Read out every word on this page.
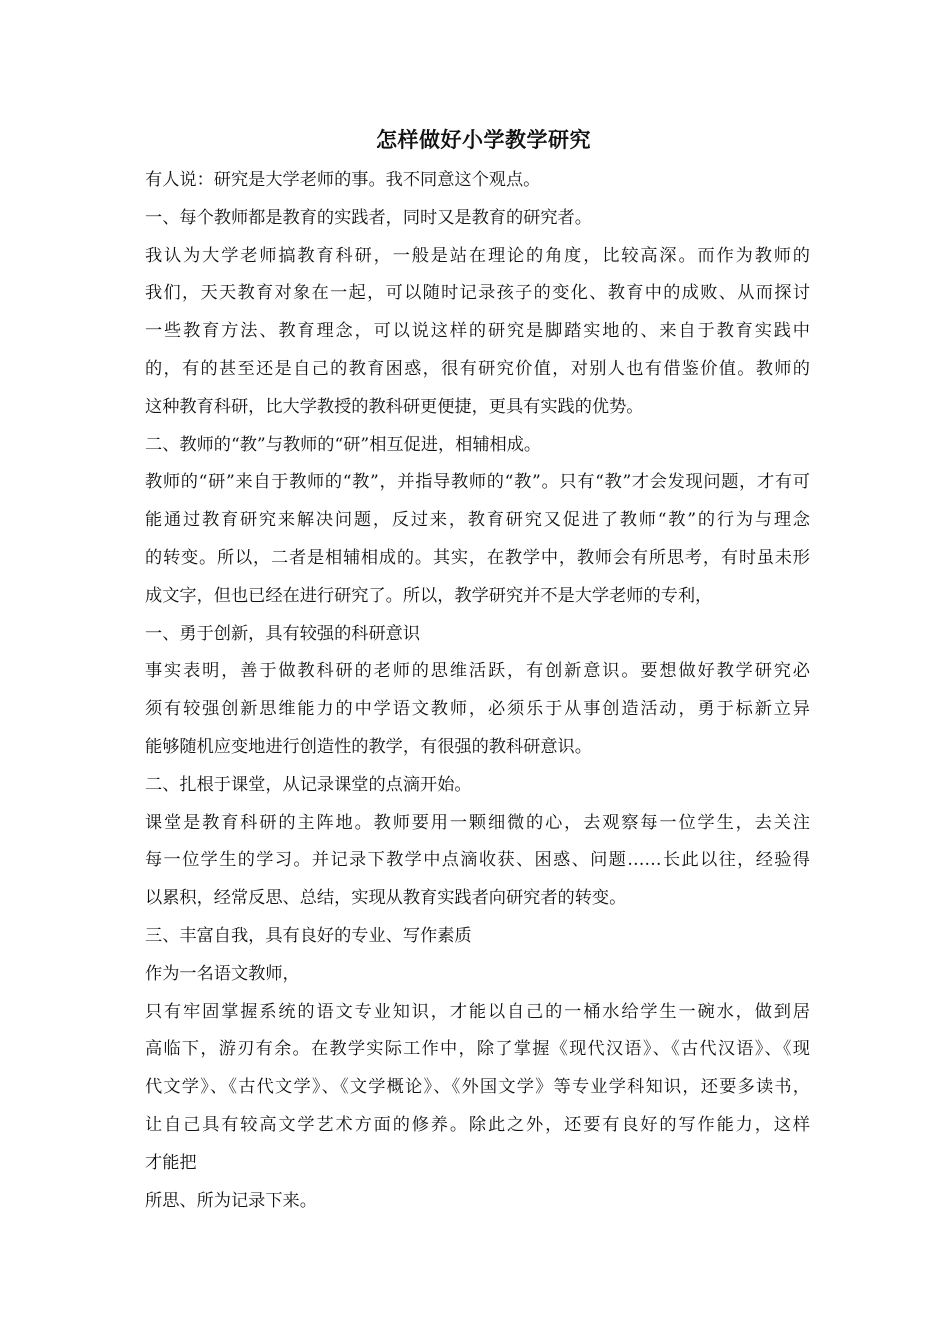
怎样做好小学教学研究

有人说：研究是大学老师的事。我不同意这个观点。

一、每个教师都是教育的实践者，同时又是教育的研究者。

我认为大学老师搞教育科研，一般是站在理论的角度，比较高深。而作为教师的

我们，天天教育对象在一起，可以随时记录孩子的变化、教育中的成败、从而探讨

一些教育方法、教育理念，可以说这样的研究是脚踏实地的、来自于教育实践中

的，有的甚至还是自己的教育困惑，很有研究价值，对别人也有借鉴价值。教师的

这种教育科研，比大学教授的教科研更便捷，更具有实践的优势。

二、教师的“教”与教师的“研”相互促进，相辅相成。

教师的“研”来自于教师的“教”，并指导教师的“教”。只有“教”才会发现问题，才有可

能通过教育研究来解决问题，反过来，教育研究又促进了教师“教”的行为与理念

的转变。所以，二者是相辅相成的。其实，在教学中，教师会有所思考，有时虽未形

成文字，但也已经在进行研究了。所以，教学研究并不是大学老师的专利，

一、勇于创新，具有较强的科研意识

事实表明，善于做教科研的老师的思维活跃，有创新意识。要想做好教学研究必

须有较强创新思维能力的中学语文教师，必须乐于从事创造活动，勇于标新立异

能够随机应变地进行创造性的教学，有很强的教科研意识。

二、扎根于课堂，从记录课堂的点滴开始。

课堂是教育科研的主阵地。教师要用一颗细微的心，去观察每一位学生，去关注

每一位学生的学习。并记录下教学中点滴收获、困惑、问题……长此以往，经验得

以累积，经常反思、总结，实现从教育实践者向研究者的转变。

三、丰富自我，具有良好的专业、写作素质

作为一名语文教师，

只有牢固掌握系统的语文专业知识，才能以自己的一桶水给学生一碗水，做到居

高临下，游刃有余。在教学实际工作中，除了掌握《现代汉语》、《古代汉语》、《现

代文学》、《古代文学》、《文学概论》、《外国文学》等专业学科知识，还要多读书，

让自己具有较高文学艺术方面的修养。除此之外，还要有良好的写作能力，这样

才能把

所思、所为记录下来。
